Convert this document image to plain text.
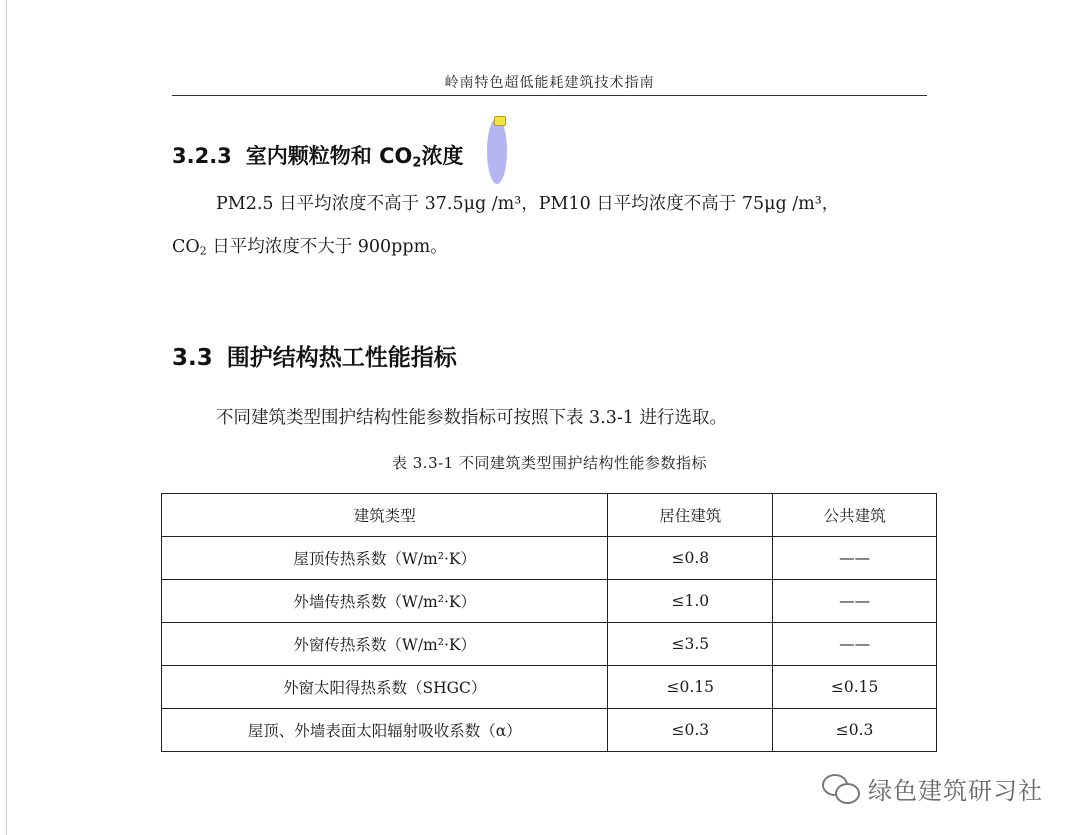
岭南特色超低能耗建筑技术指南
3.2.3 室内颗粒物和 $CO_2$浓度
PM2.5 日平均浓度不高于 37.5μg /m³，PM10 日平均浓度不高于 75μg /m³，
$CO_2$ 日平均浓度不大于 900ppm。
3.3 围护结构热工性能指标
不同建筑类型围护结构性能参数指标可按照下表 3.3-1 进行选取。
表 3.3-1 不同建筑类型围护结构性能参数指标
建筑类型	居住建筑	公共建筑
屋顶传热系数（W/m²·K）	≤0.8	——
外墙传热系数（W/m²·K）	≤1.0	——
外窗传热系数（W/m²·K）	≤3.5	——
外窗太阳得热系数（SHGC）	≤0.15	≤0.15
屋顶、外墙表面太阳辐射吸收系数（α）	≤0.3	≤0.3
绿色建筑研习社
